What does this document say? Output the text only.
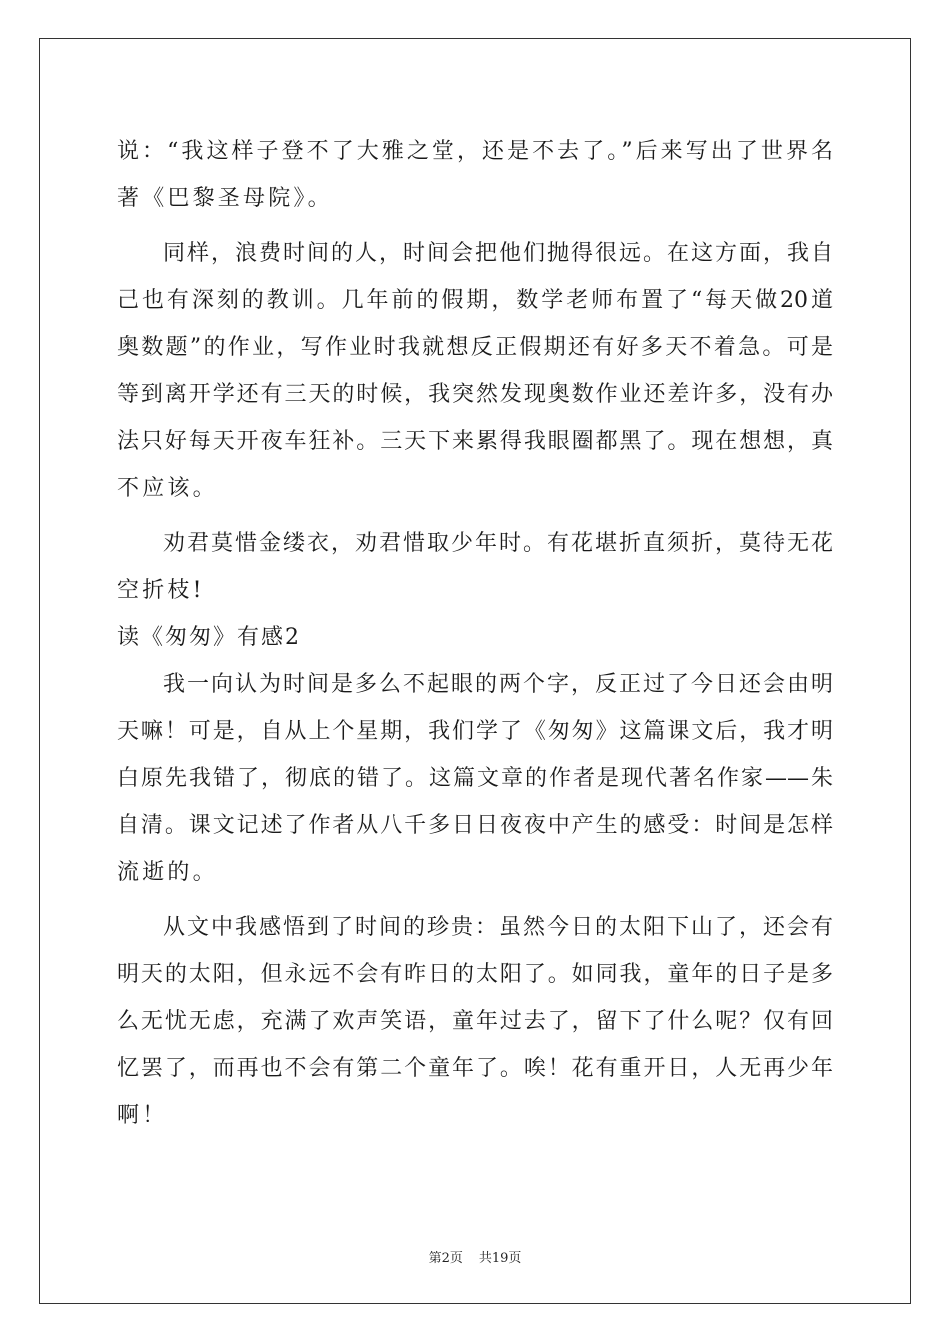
说：“我这样子登不了大雅之堂，还是不去了。”后来写出了世界名
著《巴黎圣母院》。
同样，浪费时间的人，时间会把他们抛得很远。在这方面，我自
己也有深刻的教训。几年前的假期，数学老师布置了“每天做20道
奥数题”的作业，写作业时我就想反正假期还有好多天不着急。可是
等到离开学还有三天的时候，我突然发现奥数作业还差许多，没有办
法只好每天开夜车狂补。三天下来累得我眼圈都黑了。现在想想，真
不应该。
劝君莫惜金缕衣，劝君惜取少年时。有花堪折直须折，莫待无花
空折枝!
读《匆匆》有感2
我一向认为时间是多么不起眼的两个字，反正过了今日还会由明
天嘛！可是，自从上个星期，我们学了《匆匆》这篇课文后，我才明
白原先我错了，彻底的错了。这篇文章的作者是现代著名作家——朱
自清。课文记述了作者从八千多日日夜夜中产生的感受：时间是怎样
流逝的。
从文中我感悟到了时间的珍贵：虽然今日的太阳下山了，还会有
明天的太阳，但永远不会有昨日的太阳了。如同我，童年的日子是多
么无忧无虑，充满了欢声笑语，童年过去了，留下了什么呢？仅有回
忆罢了，而再也不会有第二个童年了。唉！花有重开日，人无再少年
啊！
第2页 共19页
